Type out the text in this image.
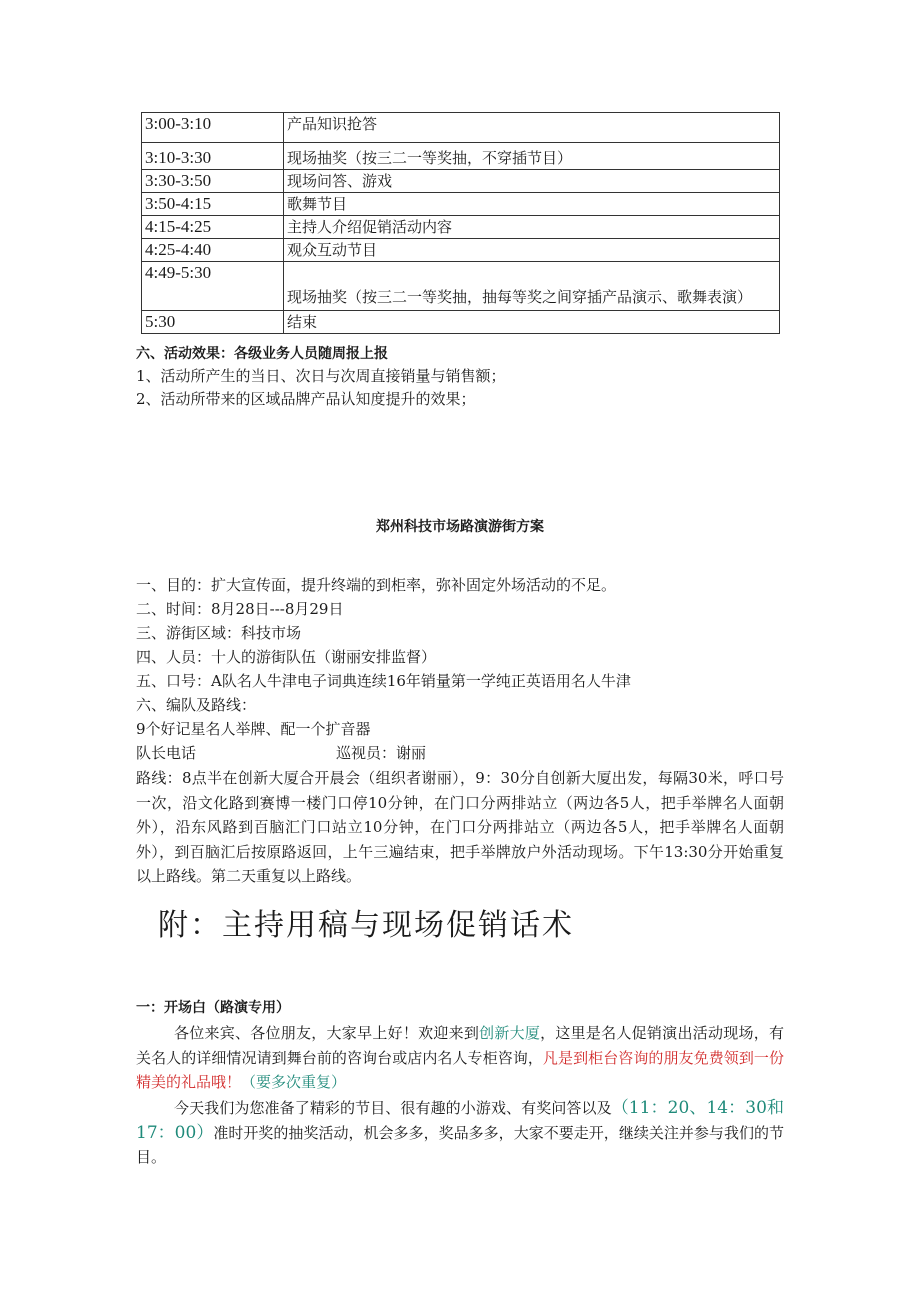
3:00-3:10	产品知识抢答
3:10-3:30	现场抽奖（按三二一等奖抽，不穿插节目）
3:30-3:50	现场问答、游戏
3:50-4:15	歌舞节目
4:15-4:25	主持人介绍促销活动内容
4:25-4:40	观众互动节目
4:49-5:30	现场抽奖（按三二一等奖抽，抽每等奖之间穿插产品演示、歌舞表演）

5:30	结束
六、活动效果：各级业务人员随周报上报
1、活动所产生的当日、次日与次周直接销量与销售额；
2、活动所带来的区域品牌产品认知度提升的效果；
郑州科技市场路演游街方案
一、目的：扩大宣传面，提升终端的到柜率，弥补固定外场活动的不足。
二、时间：8月28日---8月29日
三、游街区域：科技市场
四、人员：十人的游街队伍（谢丽安排监督）
五、口号：A队名人牛津电子词典连续16年销量第一学纯正英语用名人牛津
六、编队及路线：
9个好记星名人举牌、配一个扩音器
队长电话	巡视员：谢丽
路线：8点半在创新大厦合开晨会（组织者谢丽），9：30分自创新大厦出发，每隔30米，呼口号一次，沿文化路到赛博一楼门口停10分钟，在门口分两排站立（两边各5人，把手举牌名人面朝外），沿东风路到百脑汇门口站立10分钟，在门口分两排站立（两边各5人，把手举牌名人面朝外），到百脑汇后按原路返回，上午三遍结束，把手举牌放户外活动现场。下午13:30分开始重复以上路线。第二天重复以上路线。
附：主持用稿与现场促销话术
一：开场白（路演专用）
各位来宾、各位朋友，大家早上好！欢迎来到创新大厦，这里是名人促销演出活动现场，有关名人的详细情况请到舞台前的咨询台或店内名人专柜咨询，凡是到柜台咨询的朋友免费领到一份精美的礼品哦！（要多次重复）
今天我们为您准备了精彩的节目、很有趣的小游戏、有奖问答以及（11：20、14：30和17：00）准时开奖的抽奖活动，机会多多，奖品多多，大家不要走开，继续关注并参与我们的节目。
